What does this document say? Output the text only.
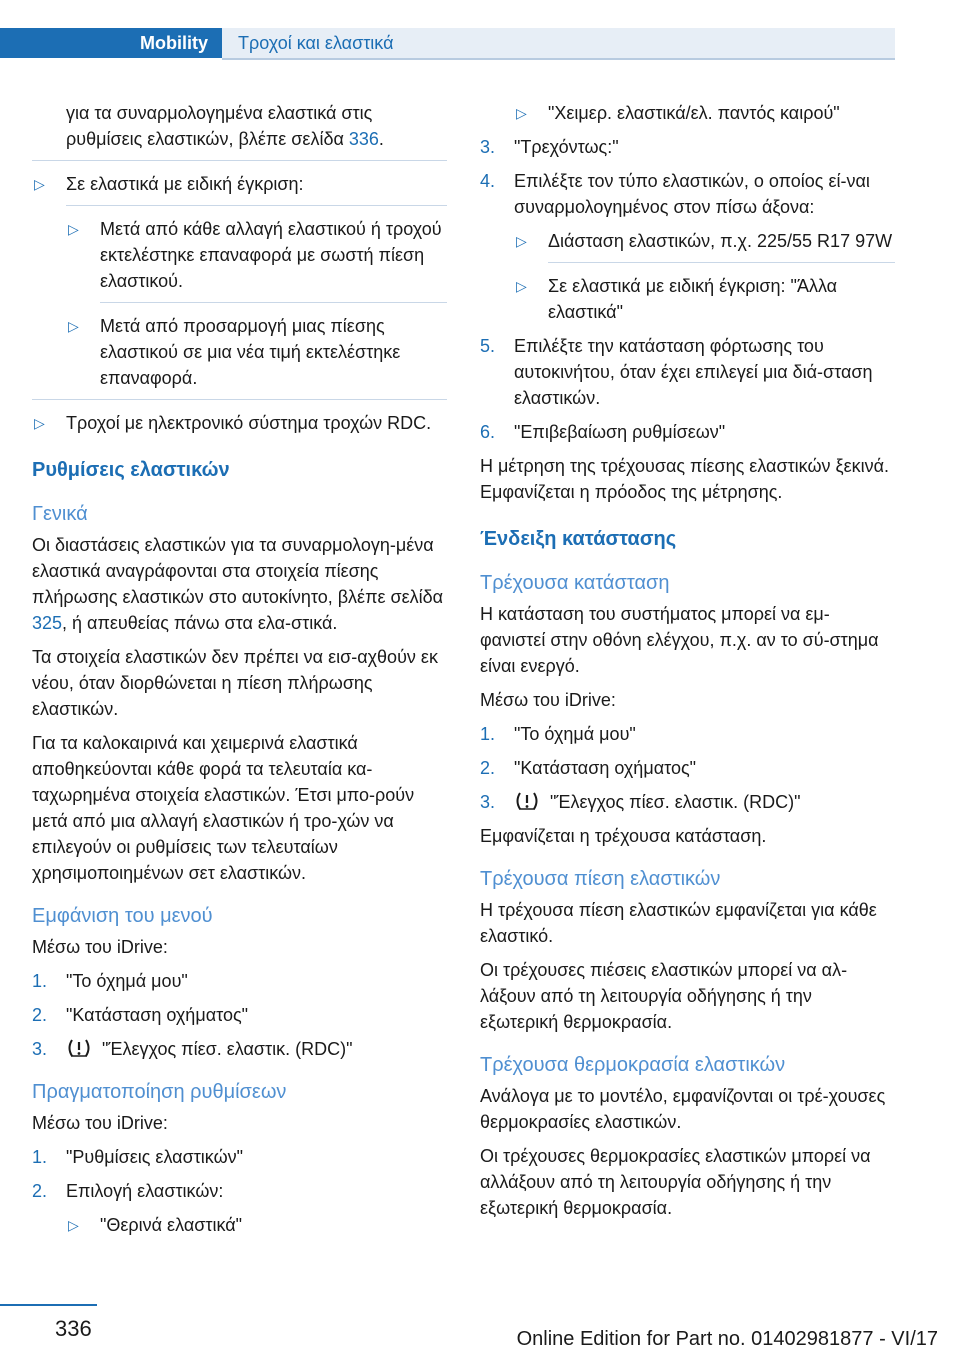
Mobility	Τροχοί και ελαστικά
για τα συναρμολογημένα ελαστικά στις
ρυθμίσεις ελαστικών, βλέπε σελίδα 336.
▷ Σε ελαστικά με ειδική έγκριση:
▷ Μετά από κάθε αλλαγή ελαστικού ή τροχού εκτελέστηκε επαναφορά με σωστή πίεση ελαστικού.
▷ Μετά από προσαρμογή μιας πίεσης ελαστικού σε μια νέα τιμή εκτελέστηκε επαναφορά.
▷ Τροχοί με ηλεκτρονικό σύστημα τροχών RDC.
Ρυθμίσεις ελαστικών
Γενικά

Οι διαστάσεις ελαστικών για τα συναρμολογη-μένα ελαστικά αναγράφονται στα στοιχεία πίεσης πλήρωσης ελαστικών στο αυτοκίνητο, βλέπε σελίδα 325, ή απευθείας πάνω στα ελα-στικά.

Τα στοιχεία ελαστικών δεν πρέπει να εισ-αχθούν εκ νέου, όταν διορθώνεται η πίεση πλήρωσης ελαστικών.

Για τα καλοκαιρινά και χειμερινά ελαστικά αποθηκεύονται κάθε φορά τα τελευταία κα-ταχωρημένα στοιχεία ελαστικών. Έτσι μπο-ρούν μετά από μια αλλαγή ελαστικών ή τρο-χών να επιλεγούν οι ρυθμίσεις των τελευταίων χρησιμοποιημένων σετ ελαστικών.

Εμφάνιση του μενού

Μέσω του iDrive:

1. "Το όχημά μου"
2. "Κατάσταση οχήματος"
3.	"Έλεγχος πίεσ. ελαστικ. (RDC)"
Πραγματοποίηση ρυθμίσεων

Μέσω του iDrive:

1. "Ρυθμίσεις ελαστικών"
2. Επιλογή ελαστικών:
▷ "Θερινά ελαστικά"
▷ "Χειμερ. ελαστικά/ελ. παντός καιρού"
3. "Τρεχόντως:"
4. Επιλέξτε τον τύπο ελαστικών, ο οποίος εί-ναι συναρμολογημένος στον πίσω άξονα:
▷ Διάσταση ελαστικών, π.χ. 225/55 R17 97W
▷ Σε ελαστικά με ειδική έγκριση: "Άλλα ελαστικά"
5. Επιλέξτε την κατάσταση φόρτωσης του αυτοκινήτου, όταν έχει επιλεγεί μια διά-σταση ελαστικών.
6. "Επιβεβαίωση ρυθμίσεων"

Η μέτρηση της τρέχουσας πίεσης ελαστικών ξεκινά. Εμφανίζεται η πρόοδος της μέτρησης.

Ένδειξη κατάστασης
Τρέχουσα κατάσταση

Η κατάσταση του συστήματος μπορεί να εμ-φανιστεί στην οθόνη ελέγχου, π.χ. αν το σύ-στημα είναι ενεργό.

Μέσω του iDrive:

1. "Το όχημά μου"
2. "Κατάσταση οχήματος"
3.	"Έλεγχος πίεσ. ελαστικ. (RDC)"

Εμφανίζεται η τρέχουσα κατάσταση.

Τρέχουσα πίεση ελαστικών

Η τρέχουσα πίεση ελαστικών εμφανίζεται για κάθε ελαστικό.

Οι τρέχουσες πιέσεις ελαστικών μπορεί να αλ-λάξουν από τη λειτουργία οδήγησης ή την εξωτερική θερμοκρασία.

Τρέχουσα θερμοκρασία ελαστικών

Ανάλογα με το μοντέλο, εμφανίζονται οι τρέ-χουσες θερμοκρασίες ελαστικών.

Οι τρέχουσες θερμοκρασίες ελαστικών μπορεί να αλλάξουν από τη λειτουργία οδήγησης ή την εξωτερική θερμοκρασία.

336	Online Edition for Part no. 01402981877 - VI/17
